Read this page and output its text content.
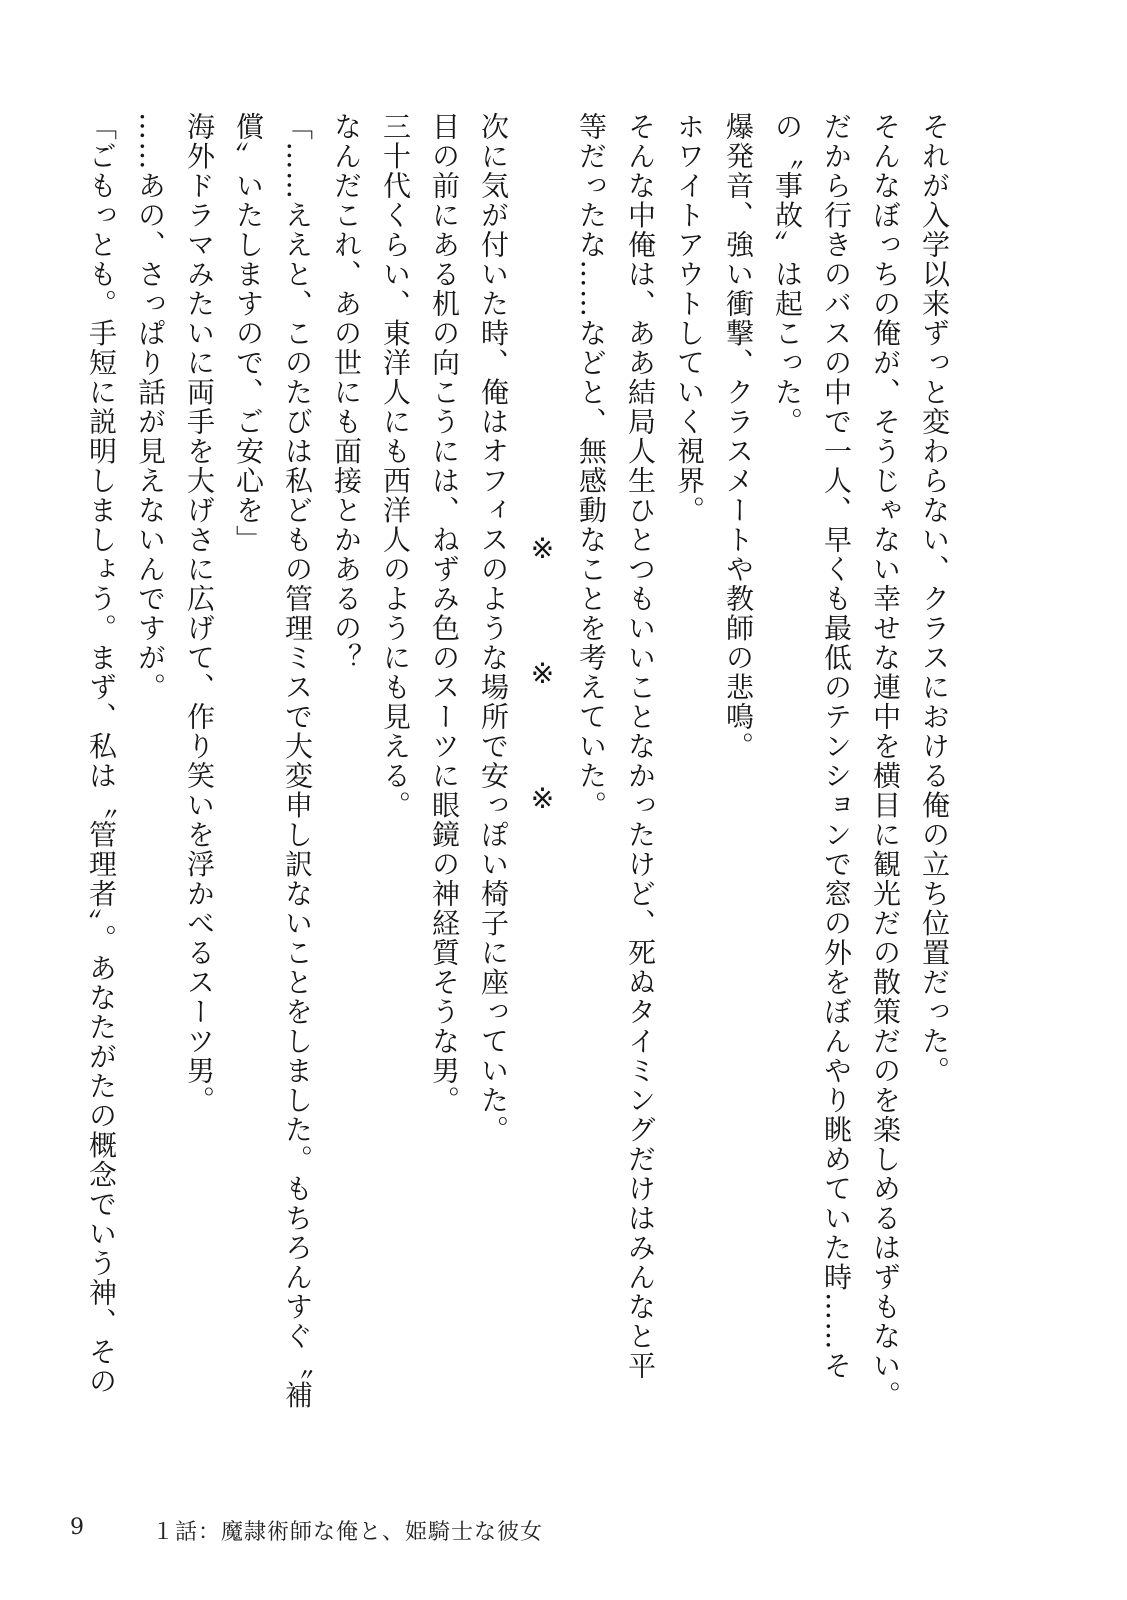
それが入学以来ずっと変わらない、クラスにおける俺の立ち位置だった。

そんなぼっちの俺が、そうじゃない幸せな連中を横目に観光だの散策だのを楽しめるはずもない。

だから行きのバスの中で一人、早くも最低のテンションで窓の外をぼんやり眺めていた時……そ

の〝事故〟は起こった。

爆発音、強い衝撃、クラスメートや教師の悲鳴。

ホワイトアウトしていく視界。

そんな中俺は、ああ結局人生ひとつもいいことなかったけど、死ぬタイミングだけはみんなと平

等だったな……などと、無感動なことを考えていた。

※　※　※

次に気が付いた時、俺はオフィスのような場所で安っぽい椅子に座っていた。

目の前にある机の向こうには、ねずみ色のスーツに眼鏡の神経質そうな男。

三十代くらい、東洋人にも西洋人のようにも見える。

なんだこれ、あの世にも面接とかあるの？

「……ええと、このたびは私どもの管理ミスで大変申し訳ないことをしました。もちろんすぐ〝補

償〟いたしますので、ご安心を」

海外ドラマみたいに両手を大げさに広げて、作り笑いを浮かべるスーツ男。

……あの、さっぱり話が見えないんですが。

「ごもっとも。手短に説明しましょう。まず、私は〝管理者〟。あなたがたの概念でいう神、その

9	１話：魔隷術師な俺と、姫騎士な彼女
